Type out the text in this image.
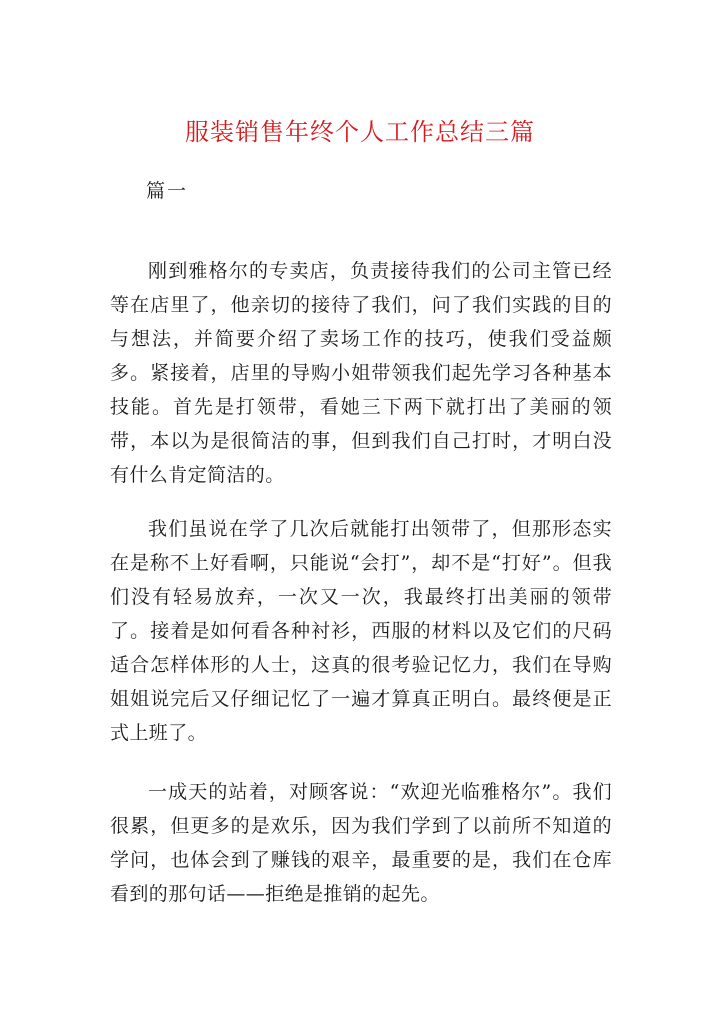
服装销售年终个人工作总结三篇
篇一

刚到雅格尔的专卖店，负责接待我们的公司主管已经等在店里了，他亲切的接待了我们，问了我们实践的目的与想法，并简要介绍了卖场工作的技巧，使我们受益颇多。紧接着，店里的导购小姐带领我们起先学习各种基本技能。首先是打领带，看她三下两下就打出了美丽的领带，本以为是很简洁的事，但到我们自己打时，才明白没有什么肯定简洁的。

我们虽说在学了几次后就能打出领带了，但那形态实在是称不上好看啊，只能说“会打”，却不是“打好”。但我们没有轻易放弃，一次又一次，我最终打出美丽的领带了。接着是如何看各种衬衫，西服的材料以及它们的尺码适合怎样体形的人士，这真的很考验记忆力，我们在导购姐姐说完后又仔细记忆了一遍才算真正明白。最终便是正式上班了。

一成天的站着，对顾客说：“欢迎光临雅格尔”。我们很累，但更多的是欢乐，因为我们学到了以前所不知道的学问，也体会到了赚钱的艰辛，最重要的是，我们在仓库看到的那句话——拒绝是推销的起先。
